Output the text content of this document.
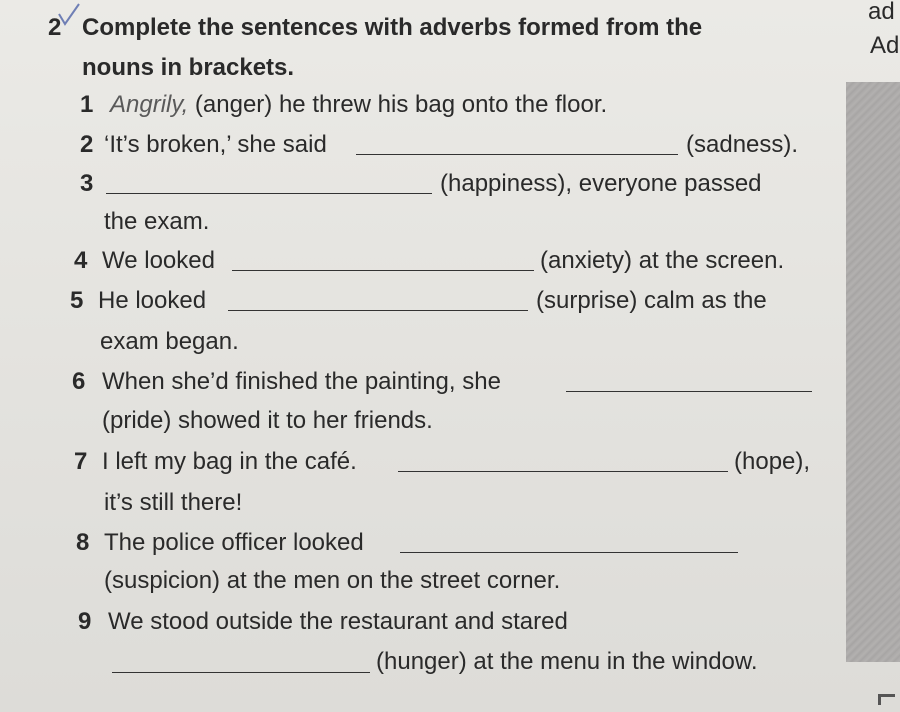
ad
Ad
2 Complete the sentences with adverbs formed from the
nouns in brackets.
1 Angrily, (anger) he threw his bag onto the floor.
2 ‘It’s broken,’ she said	(sadness).
3	(happiness), everyone passed
the exam.
4 We looked	(anxiety) at the screen.
5 He looked	(surprise) calm as the
exam began.
6 When she’d finished the painting, she
(pride) showed it to her friends.
7 I left my bag in the café.	(hope),
it’s still there!
8 The police officer looked
(suspicion) at the men on the street corner.
9 We stood outside the restaurant and stared
(hunger) at the menu in the window.
